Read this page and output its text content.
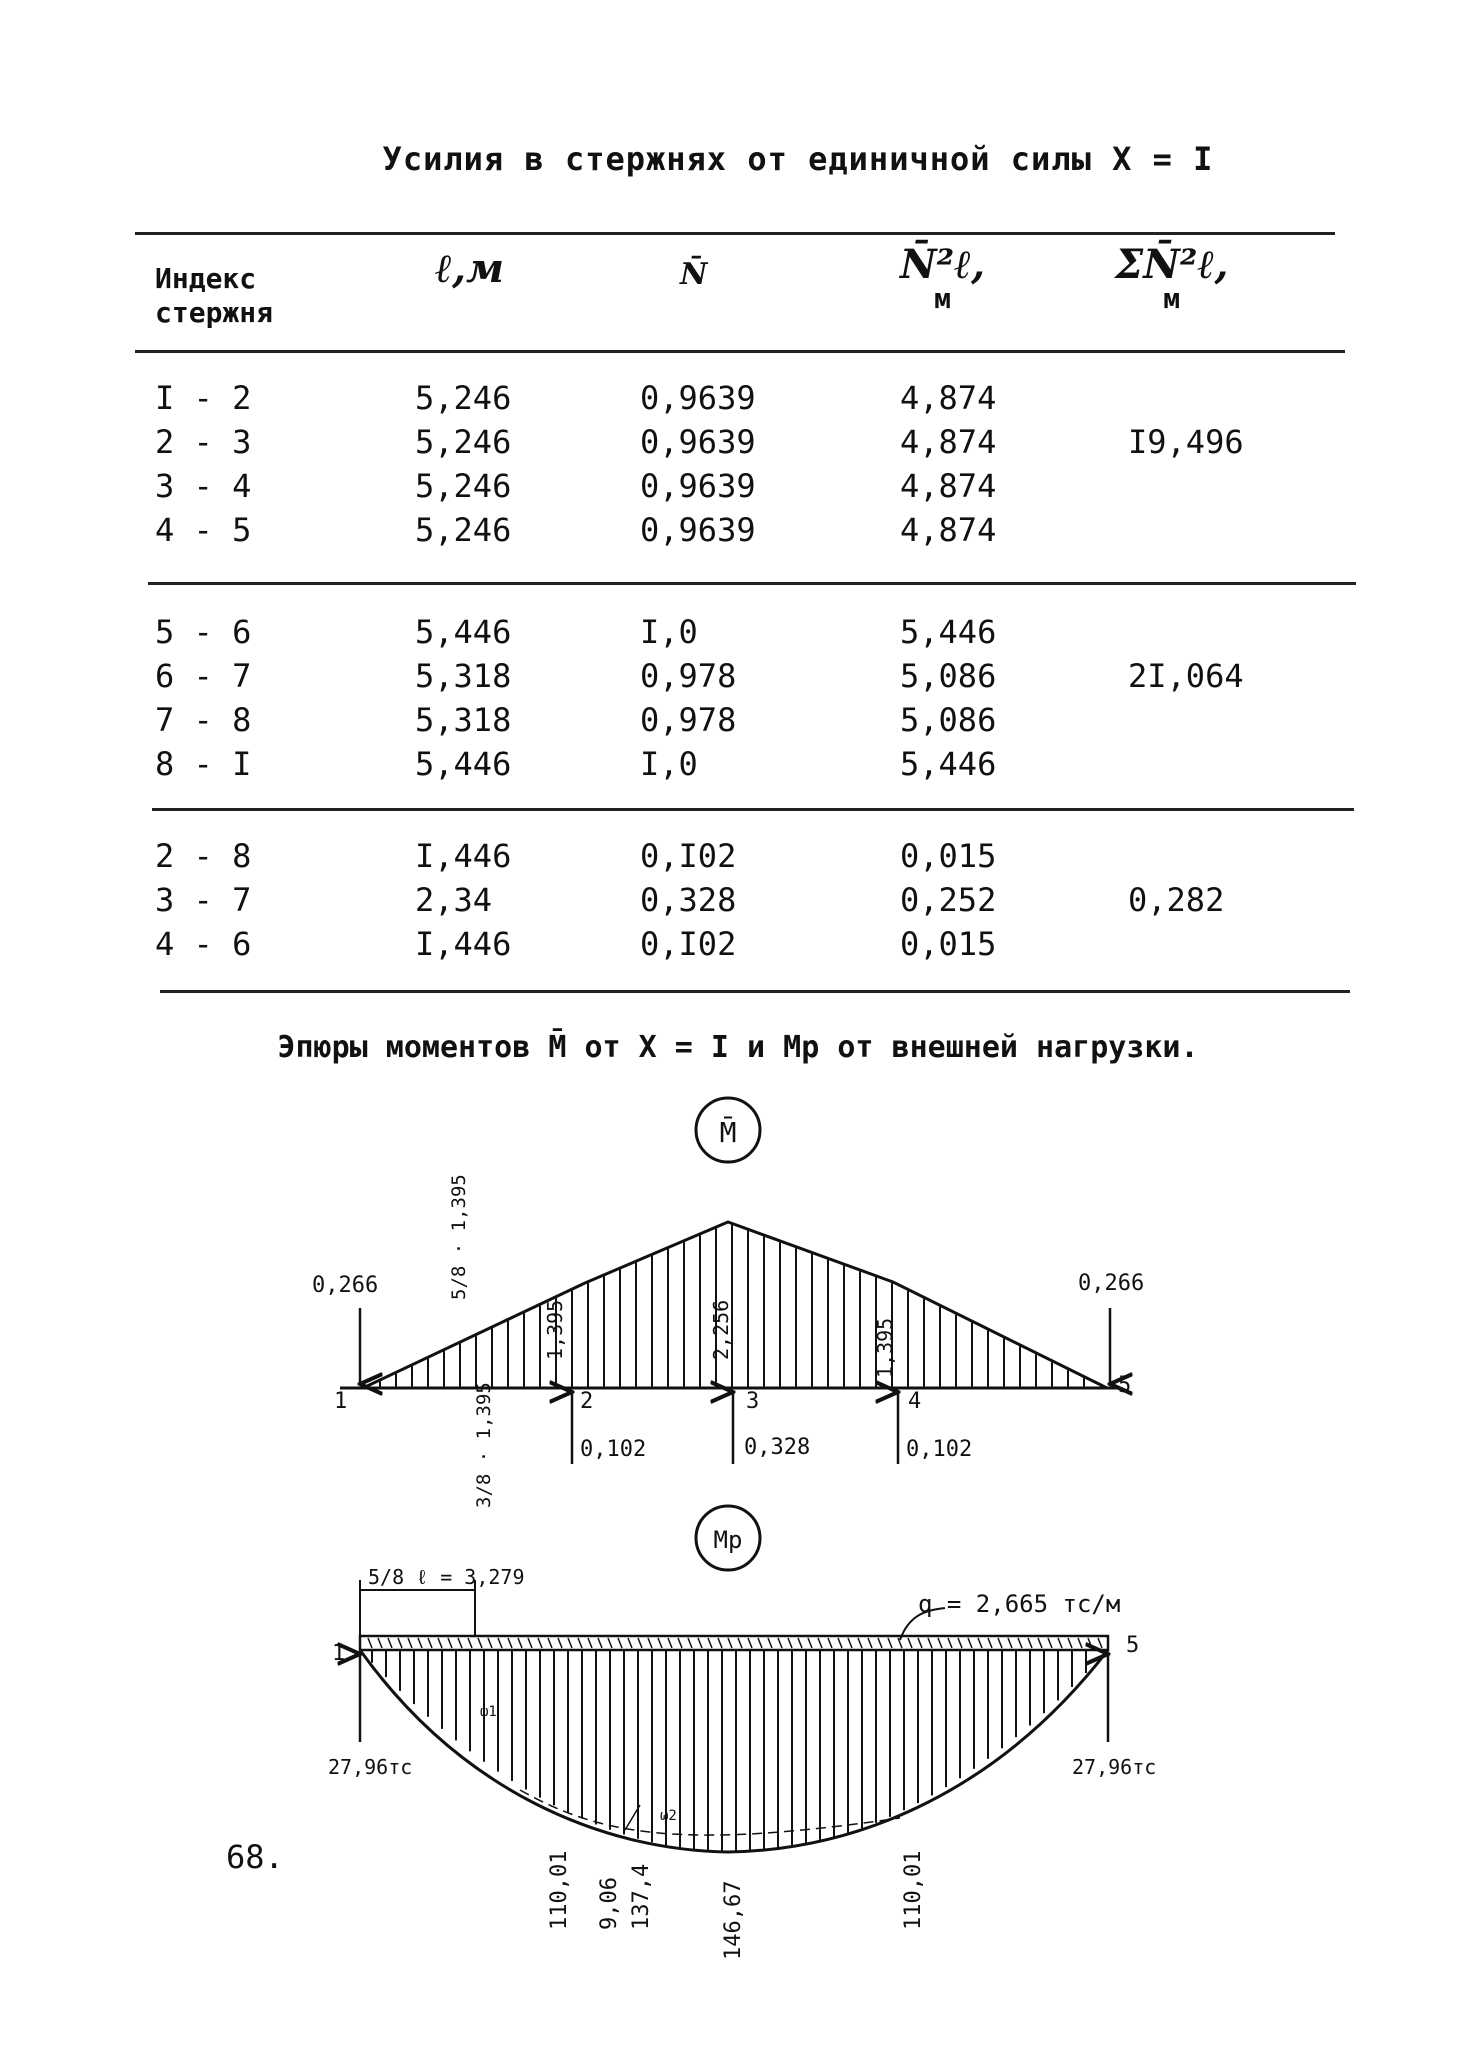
Усилия в стержнях от единичной силы X = I
Индекс
стержня
ℓ,м	N̄	N̄²ℓ,
м
ΣN̄²ℓ,
м
I - 2	5,246	0,9639	4,874
2 - 3	5,246	0,9639	4,874	I9,496
3 - 4	5,246	0,9639	4,874
4 - 5	5,246	0,9639	4,874
5 - 6	5,446	I,0	5,446
6 - 7	5,318	0,978	5,086	2I,064
7 - 8	5,318	0,978	5,086
8 - I	5,446	I,0	5,446
2 - 8	I,446	0,I02	0,015
3 - 7	2,34	0,328	0,252	0,282
4 - 6	I,446	0,I02	0,015
Эпюры моментов M̄ от X = I и Mp от внешней нагрузки.
M̄
0,266	0,266
1	2	3	4
5
0,102	0,328	0,102
1,395	2,256	1,395
5/8 · 1,395
3/8 · 1,395
Mp
5/8 ℓ = 3,279
q = 2,665 тс/м
27,96тс	27,96тс
1	5
ω1
ω2
110,01 9,06 137,4	146,67	110,01
68.
